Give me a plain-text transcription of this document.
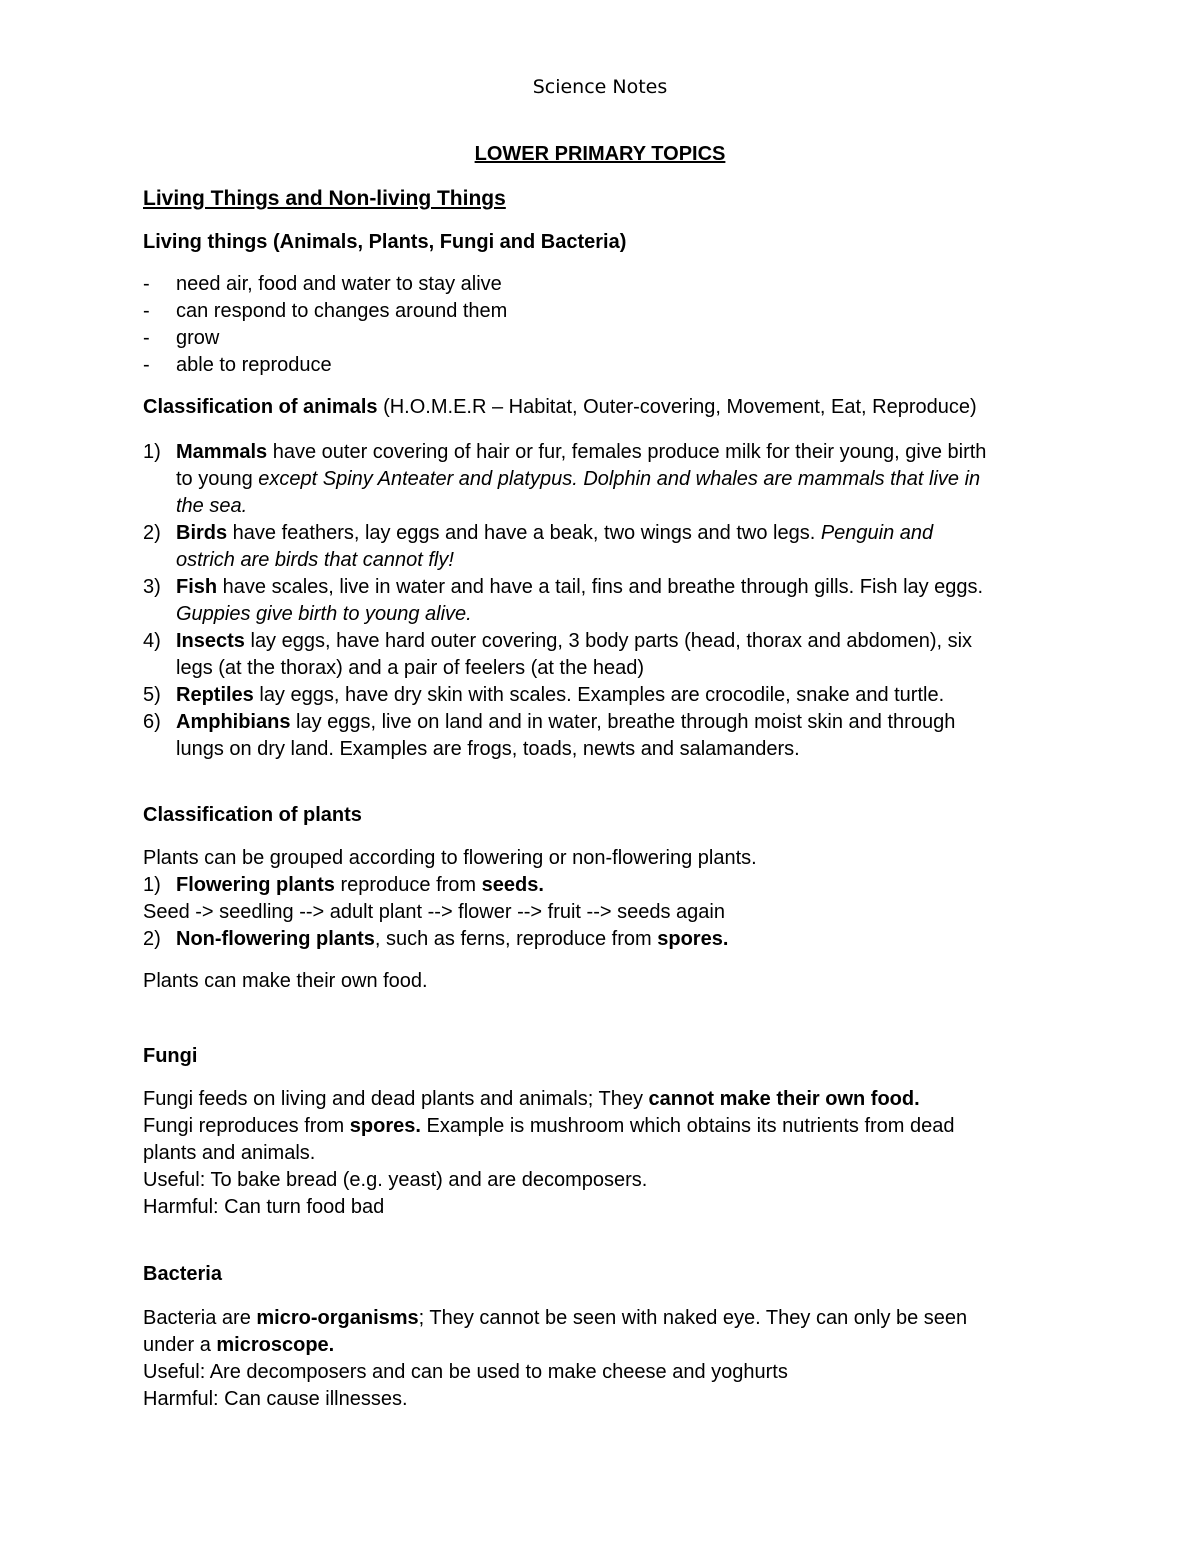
Science Notes
LOWER PRIMARY TOPICS
Living Things and Non-living Things
Living things (Animals, Plants, Fungi and Bacteria)
-	need air, food and water to stay alive
-	can respond to changes around them
-	grow
-	able to reproduce
Classification of animals (H.O.M.E.R – Habitat, Outer-covering, Movement, Eat, Reproduce)
1) Mammals have outer covering of hair or fur, females produce milk for their young, give birth
to young except Spiny Anteater and platypus. Dolphin and whales are mammals that live in
the sea.
2) Birds have feathers, lay eggs and have a beak, two wings and two legs. Penguin and
ostrich are birds that cannot fly!
3) Fish have scales, live in water and have a tail, fins and breathe through gills. Fish lay eggs.
Guppies give birth to young alive.
4) Insects lay eggs, have hard outer covering, 3 body parts (head, thorax and abdomen), six
legs (at the thorax) and a pair of feelers (at the head)
5) Reptiles lay eggs, have dry skin with scales. Examples are crocodile, snake and turtle.
6) Amphibians lay eggs, live on land and in water, breathe through moist skin and through
lungs on dry land. Examples are frogs, toads, newts and salamanders.
Classification of plants

Plants can be grouped according to flowering or non-flowering plants.

1) Flowering plants reproduce from seeds.

Seed -> seedling --> adult plant --> flower --> fruit --> seeds again

2) Non-flowering plants, such as ferns, reproduce from spores.

Plants can make their own food.

Fungi

Fungi feeds on living and dead plants and animals; They cannot make their own food.

Fungi reproduces from spores. Example is mushroom which obtains its nutrients from dead

plants and animals.

Useful: To bake bread (e.g. yeast) and are decomposers.

Harmful: Can turn food bad

Bacteria

Bacteria are micro-organisms; They cannot be seen with naked eye. They can only be seen

under a microscope.

Useful: Are decomposers and can be used to make cheese and yoghurts

Harmful: Can cause illnesses.
